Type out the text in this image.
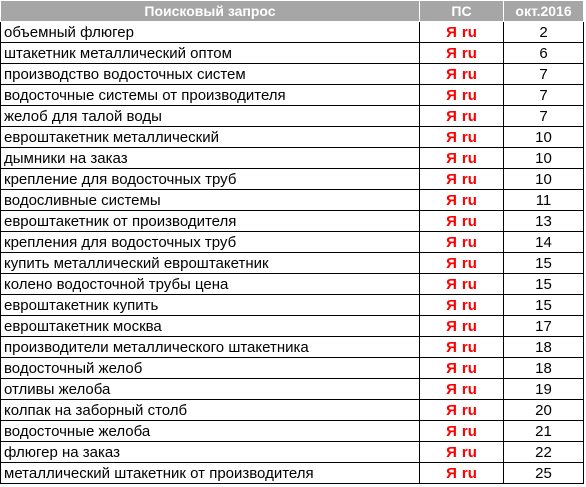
Поисковый запрос	ПС	окт.2016
объемный флюгер	Я ru	2
штакетник металлический оптом	Я ru	6
производство водосточных систем	Я ru	7
водосточные системы от производителя	Я ru	7
желоб для талой воды	Я ru	7
евроштакетник металлический	Я ru	10
дымники на заказ	Я ru	10
крепление для водосточных труб	Я ru	10
водосливные системы	Я ru	11
евроштакетник от производителя	Я ru	13
крепления для водосточных труб	Я ru	14
купить металлический евроштакетник	Я ru	15
колено водосточной трубы цена	Я ru	15
евроштакетник купить	Я ru	15
евроштакетник москва	Я ru	17
производители металлического штакетника	Я ru	18
водосточный желоб	Я ru	18
отливы желоба	Я ru	19
колпак на заборный столб	Я ru	20
водосточные желоба	Я ru	21
флюгер на заказ	Я ru	22
металлический штакетник от производителя	Я ru	25
